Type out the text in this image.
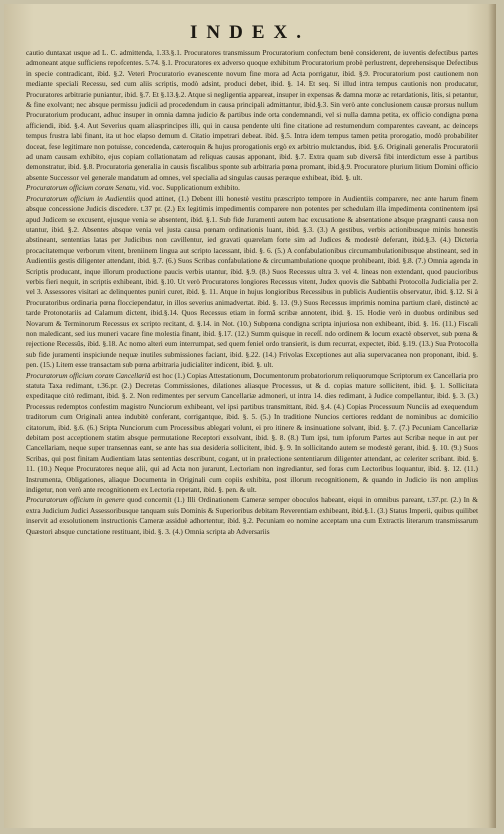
INDEX.

cautio duntaxat usque ad L. C. admittenda, 1.33.§.1. Procuratores transmissum Procuratorium confectum benè considerent, de iuventis defectibus partes admoneant atque sufficiens repofcentes. 5.74. §.1. Procuratores ex adverso quoque exhibitum Procuratorium probè perlustrent, deprehensisque Defectibus in specie contradicant, ibid. §.2. Veteri Procuratorio evanescente novum fine mora ad Acta porrigatur, ibid. §.9. Procuratorium post cautionem non mediante speciali Recessu, sed cum aliis scriptis, modò adsint, produci debet, ibid. §. 14. Et seq. Si illud intra tempus cautionis non producatur, Procuratores arbitrarie puniantur, ibid. §.7. Et §.13.§.2. Atque si negligentia appareat, insuper in expensas & damna moræ ac retardationis, litis, si petantur, & fine exolvant; nec absque permissu judicii ad procedendum in causa principali admittantur, ibid.§.3. Sin verò ante conclusionem causæ prorsus nullum Procuratorium producant, adhuc insuper in omnia damna judicio & partibus inde orta condemnandi, vel si nulla damna petita, ex officio condigna pœna afficiendi, ibid. §.4. Aut Severius quam aliasprincipes illi, qui in causa pendente ulti fine citatione ad restumendum comparentes caveant, ac deinceps tempus frustra labi finant, ita ut hoc elapso demum d. Citatio impetrari debeat. ibid. §.5. Intra idem tempus tamen petita prorogatio, modò probabiliter doceat, fese legitimare non potuisse, concedenda, cæteroquin & hujus prorogationis ergò ex arbitrio mulctandus, ibid. §.6. Originali generalis Procuratorii ad unam causam exhibito, ejus copiam collationatam ad reliquas causas apponant, ibid. §.7. Extra quam sub diversâ fibi interdictum esse à partibus demonstratur, ibid. §.8. Procuratoria generalia in causis fiscalibus sponte sub arbitraria pœna promant, ibid.§.9. Procuratore plurium litium Domini officio absente Successor vel generale mandatum ad omnes, vel specialia ad singulas causas peræque exhibeat, ibid. §. ult.

Procuratorum officium coram Senatu, vid. voc. Supplicationum exhibito.

Procuratorum officium in Audientiis quod attinet, (1.) Debent illi honestè vestitu præscripto tempore in Audientiis comparere, nec ante harum finem absque concessione Judicis discedere. t.37 pr. (2.) Ex legitimis impedimentis comparere non potentes per schedulam illa impedimenta continentem ipsi apud Judicem se excusent, ejusque venia se absentent, ibid. §.1. Sub fide Juramenti autem hac excusatione & absentatione absque prægnanti causa non utantur, ibid. §.2. Absentes absque venia vel justa causa pœnam ordinationis luant, ibid. §.3. (3.) A gestibus, verbis actionibusque minùs honestis abstineant, sententias latas per Judicibus non cavillentur, ied gravati quærelam forte sim ad Judices & modestè deferant, ibid.§.3. (4.) Dicteria procacitatemque verborum vitent, breniinem lingua aut scripto lacessant, ibid. §. 6. (5.) A confabulationibus circumambulationibusque abstineant, sed in Audientiis gestis diligenter attendant, ibid. §.7. (6.) Suos Scribas confabulatione & circumambulatione quoque prohibeant, ibid. §.8. (7.) Omnia agenda in Scriptis producant, inque illorum productione paucis verbis utantur, ibid. §.9. (8.) Suos Recessus ultra 3. vel 4. lineas non extendant, quod paucioribus verbis fieri nequit, in scriptis exhibeant, ibid. §.10. Ut verò Procuratores longiores Recessus vitent, Judex quovis die Sabbathi Protocolla Judicialia per 2. vel 3. Assessores visitari ac delinquentes puniri curet, ibid. §. 11. Atque in hujus longioribus Recessibus in publicis Audientiis observatur, ibid. §.12. Si à Procuratoribus ordinaria pœna flocciependatur, in illos severius animadvertat. ibid. §. 13. (9.) Suos Recessus imprimis nomina partium clarè, distinctè ac tarde Protonotariis ad Calamum dictent, ibid.§.14. Quos Recessus etiam in formâ scribæ annotent, ibid. §. 15. Hodie verò in duobus ordinibus sed Novarum & Terminorum Recessus ex scripto recitant, d. §.14. in Not. (10.) Subpœna condigna scripta injuriosa non exhibeant, ibid. §. 16. (11.) Fiscali non maledicant, sed ius muneri vacare fine molestia finant, ibid. §.17. (12.) Summ quisque in receſſ. ndo ordinem & locum exactè observet, sub pœna & rejectione Recessûs, ibid. §.18. Ac nomo alteri eum interrumpat, sed quem feniel ordo transierit, is dum recurrat, expectet, ibid. §.19. (13.) Sua Protocolla sub fide juramenti inspiciunde nequæ inutiles submissiones faciant, ibid. §.22. (14.) Frivolas Exceptiones aut alia supervacanea non proponant, ibid. §. pen. (15.) Litem esse transactam sub pœna arbitraria judicialiter indicent, ibid. §. ult.

Procuratorum officium coram Cancellariâ est hoc (1.) Copias Attestationum, Documentorum probatoriorum reliquorumque Scriptorum ex Cancellaria pro statuta Taxa redimant, t.36.pr. (2.) Decretas Commissiones, dilationes aliasque Processus, ut & d. copias mature sollicitent, ibid. §. 1. Sollicitata expeditaque citò redimant, ibid. §. 2. Non redimentes per servum Cancellariæ admoneri, ut intra 14. dies redimant, à Judice compellantur, ibid. §. 3. (3.) Processus redemptos confestim magistro Nunciorum exhibeant, vel ipsi partibus transmittant, ibid. §.4. (4.) Copias Processuum Nunciis ad exequendum traditorum cum Originali antea indubitè conferant, corrigantque, ibid. §. 5. (5.) In traditione Nuncios certiores reddant de nominibus ac domicilio citatorum, ibid. §.6. (6.) Sripta Nunciorum cum Processibus ablegari volunt, ei pro itinere & insinuatione solvant, ibid. §. 7. (7.) Pecuniam Cancellariæ debitam post acceptionem statim absque permutatione Receptori exsolvant, ibid. §. 8. (8.) Tum ipsi, tum ipforum Partes aut Scribæ neque in aut per Cancellariam, neque super transennas eant, se ante has sua desideria sollicitent, ibid. §. 9. In sollicitando autem se modestè gerant, ibid. §. 10. (9.) Suos Scribas, qui post finitam Audientiam latas sententias describunt, cogant, ut in prælectione sententiarum diligenter attendant, ac celeriter scribant. ibid. §. 11. (10.) Neque Procuratores neque alii, qui ad Acta non jurarunt, Lectoriam non ingrediantur, sed foras cum Lectoribus loquantur, ibid. §. 12. (11.) Instrumenta, Obligationes, aliaque Documenta in Originali cum copiis exhibita, post illorum recognitionem, & quando in Judicio iis non amplius indigetur, non verò ante recognitionem ex Lectoria repetant, ibid. §. pen. & ult.

Procuratorum officium in genere quod concernit (1.) Illi Ordinationem Cameræ semper oboculos habeant, eiqui in omnibus pareant, t.37.pr. (2.) In & extra Judicium Judici Assessoribusque tanquam suis Dominis & Superioribus debitam Reverentiam exhibeant, ibid.§.1. (3.) Status Imperii, quibus quilibet inservit ad exsolutionem instructionis Cameræ assiduè adhortentur, ibid. §.2. Pecuniam eo nomine acceptam una cum Extractis literarum transmissarum Quæstori absque cunctatione restituant, ibid. §. 3. (4.) Omnia scripta ab Adversariis
